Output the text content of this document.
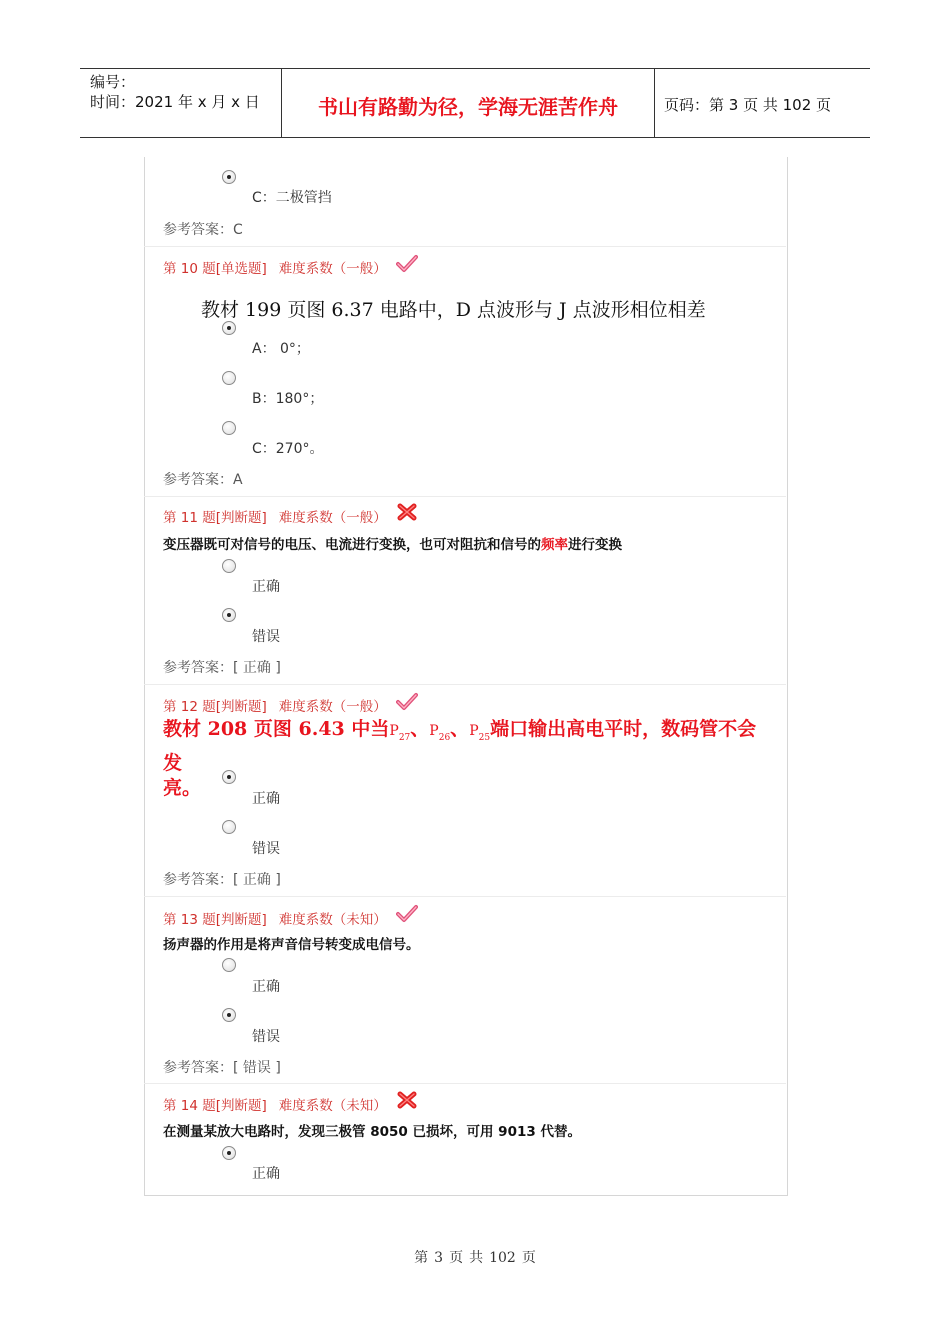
编号：
时间：2021 年 x 月 x 日	书山有路勤为径，学海无涯苦作舟	页码：第 3 页 共 102 页
C：二极管挡
参考答案：C
第 10 题[单选题] 难度系数（一般）
教材 199 页图 6.37 电路中，D 点波形与 J 点波形相位相差
A： 0°；
B：180°；
C：270°。
参考答案：A
第 11 题[判断题] 难度系数（一般）
变压器既可对信号的电压、电流进行变换，也可对阻抗和信号的频率进行变换
正确
错误
参考答案：[ 正确 ]
第 12 题[判断题] 难度系数（一般）
教材 208 页图 6.43 中当$P_{27}$、$P_{26}$、$P_{25}$端口输出高电平时，数码管不会发
亮。
正确
错误
参考答案：[ 正确 ]
第 13 题[判断题] 难度系数（未知）
扬声器的作用是将声音信号转变成电信号。
正确
错误
参考答案：[ 错误 ]
第 14 题[判断题] 难度系数（未知）
在测量某放大电路时，发现三极管 8050 已损坏，可用 9013 代替。
正确
第 3 页 共 102 页
